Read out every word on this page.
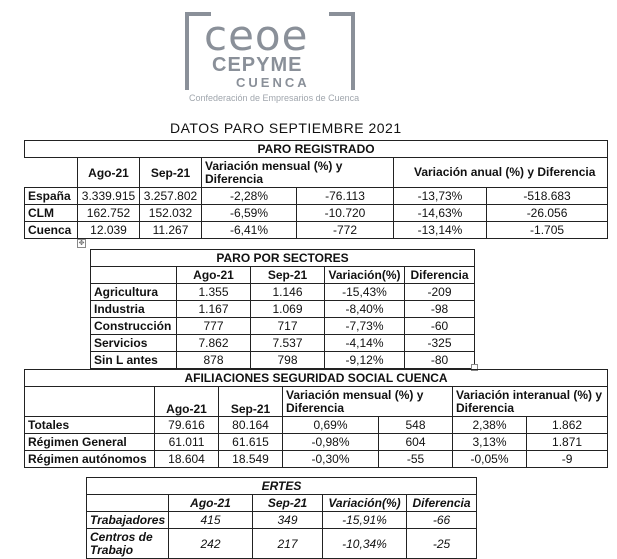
ceoe
CEPYME
CUENCA
Confederación de Empresarios de Cuenca
DATOS PARO SEPTIEMBRE 2021
PARO REGISTRADO						
	Ago-21	Sep-21	Variación mensual (%) y Diferencia		Variación anual (%) y Diferencia	
España	3.339.915	3.257.802	-2,28%	-76.113	-13,73%	-518.683
CLM	162.752	152.032	-6,59%	-10.720	-14,63%	-26.056
Cuenca	12.039	11.267	-6,41%	-772	-13,14%	-1.705
✥
PARO POR SECTORES				
	Ago-21	Sep-21	Variación(%)	Diferencia
Agricultura	1.355	1.146	-15,43%	-209
Industria	1.167	1.069	-8,40%	-98
Construcción	777	717	-7,73%	-60
Servicios	7.862	7.537	-4,14%	-325
Sin L antes	878	798	-9,12%	-80
AFILIACIONES SEGURIDAD SOCIAL CUENCA						
	Ago-21	Sep-21	Variación mensual (%) y Diferencia		Variación interanual (%) y Diferencia	
Totales	79.616	80.164	0,69%	548	2,38%	1.862
Régimen General	61.011	61.615	-0,98%	604	3,13%	1.871
Régimen autónomos	18.604	18.549	-0,30%	-55	-0,05%	-9
ERTES				
	Ago-21	Sep-21	Variación(%)	Diferencia
Trabajadores	415	349	-15,91%	-66
Centros de Trabajo	242	217	-10,34%	-25
